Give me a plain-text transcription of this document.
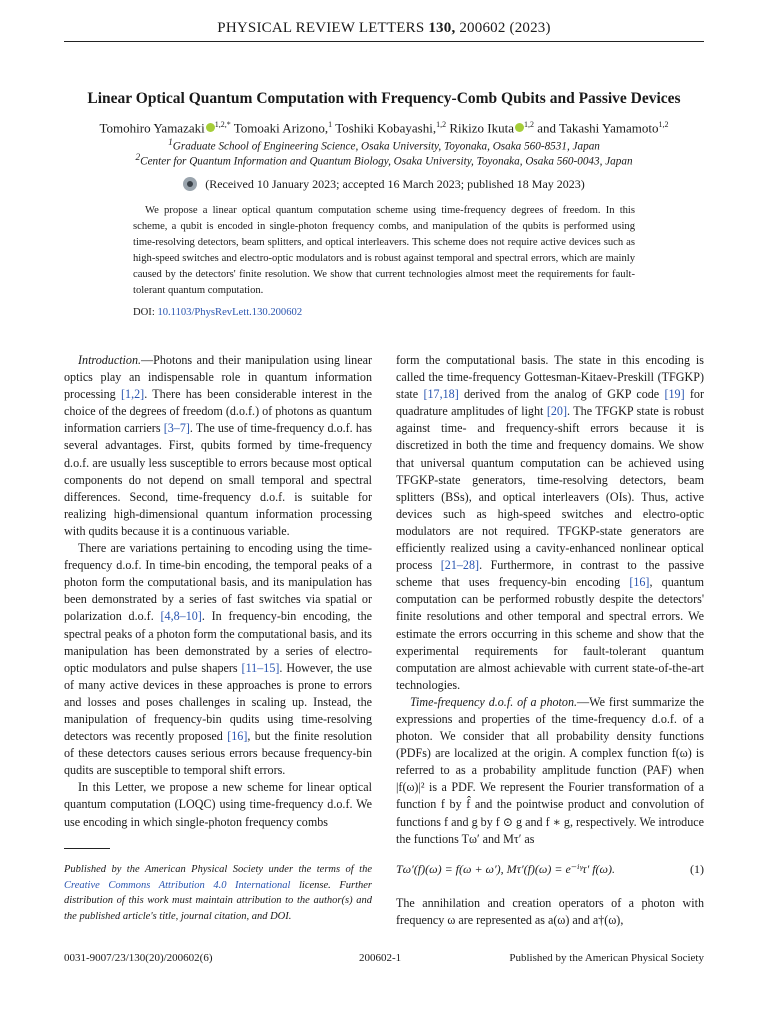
PHYSICAL REVIEW LETTERS 130, 200602 (2023)
Linear Optical Quantum Computation with Frequency-Comb Qubits and Passive Devices
Tomohiro Yamazaki $^{1,2,*}$ Tomoaki Arizono,$^1$ Toshiki Kobayashi,$^{1,2}$ Rikizo Ikuta $^{1,2}$ and Takashi Yamamoto$^{1,2}$
$^1$Graduate School of Engineering Science, Osaka University, Toyonaka, Osaka 560-8531, Japan
$^2$Center for Quantum Information and Quantum Biology, Osaka University, Toyonaka, Osaka 560-0043, Japan
(Received 10 January 2023; accepted 16 March 2023; published 18 May 2023)
We propose a linear optical quantum computation scheme using time-frequency degrees of freedom. In this scheme, a qubit is encoded in single-photon frequency combs, and manipulation of the qubits is performed using time-resolving detectors, beam splitters, and optical interleavers. This scheme does not require active devices such as high-speed switches and electro-optic modulators and is robust against temporal and spectral errors, which are mainly caused by the detectors' finite resolution. We show that current technologies almost meet the requirements for fault-tolerant quantum computation.
DOI: 10.1103/PhysRevLett.130.200602

Introduction.—Photons and their manipulation using linear optics play an indispensable role in quantum information processing [1,2]. There has been considerable interest in the choice of the degrees of freedom (d.o.f.) of photons as quantum information carriers [3–7]. The use of time-frequency d.o.f. has several advantages. First, qubits formed by time-frequency d.o.f. are usually less susceptible to errors because most optical components do not depend on small temporal and spectral differences. Second, time-frequency d.o.f. is suitable for realizing high-dimensional quantum information processing with qudits because it is a continuous variable.

There are variations pertaining to encoding using the time-frequency d.o.f. In time-bin encoding, the temporal peaks of a photon form the computational basis, and its manipulation has been demonstrated by a series of fast switches via spatial or polarization d.o.f. [4,8–10]. In frequency-bin encoding, the spectral peaks of a photon form the computational basis, and its manipulation has been demonstrated by a series of electro-optic modulators and pulse shapers [11–15]. However, the use of many active devices in these approaches is prone to errors and losses and poses challenges in scaling up. Instead, the manipulation of frequency-bin qudits using time-resolving detectors was recently proposed [16], but the finite resolution of these detectors causes serious errors because frequency-bin qudits are susceptible to temporal shift errors.

In this Letter, we propose a new scheme for linear optical quantum computation (LOQC) using time-frequency d.o.f. We use encoding in which single-photon frequency combs

form the computational basis. The state in this encoding is called the time-frequency Gottesman-Kitaev-Preskill (TFGKP) state [17,18] derived from the analog of GKP code [19] for quadrature amplitudes of light [20]. The TFGKP state is robust against time- and frequency-shift errors because it is discretized in both the time and frequency domains. We show that universal quantum computation can be achieved using TFGKP-state generators, time-resolving detectors, beam splitters (BSs), and optical interleavers (OIs). Thus, active devices such as high-speed switches and electro-optic modulators are not required. TFGKP-state generators are efficiently realized using a cavity-enhanced nonlinear optical process [21–28]. Furthermore, in contrast to the passive scheme that uses frequency-bin encoding [16], quantum computation can be performed robustly despite the detectors' finite resolutions and other temporal and spectral errors. We estimate the errors occurring in this scheme and show that the experimental requirements for fault-tolerant quantum computation are almost achievable with current state-of-the-art technologies.

Time-frequency d.o.f. of a photon.—We first summarize the expressions and properties of the time-frequency d.o.f. of a photon. We consider that all probability density functions (PDFs) are localized at the origin. A complex function f(ω) is referred to as a probability amplitude function (PAF) when |f(ω)|² is a PDF. We represent the Fourier transformation of a function f by f̂ and the pointwise product and convolution of functions f and g by f ⊙ g and f ∗ g, respectively. We introduce the functions Tω′ and Mτ′ as

Published by the American Physical Society under the terms of the Creative Commons Attribution 4.0 International license. Further distribution of this work must maintain attribution to the author(s) and the published article's title, journal citation, and DOI.
Tω′(f)(ω) = f(ω + ω′), Mτ′(f)(ω) = e⁻ⁱᵞτ′ f(ω).	(1)
The annihilation and creation operators of a photon with frequency ω are represented as a(ω) and a†(ω),
0031-9007/23/130(20)/200602(6)	200602-1	Published by the American Physical Society
